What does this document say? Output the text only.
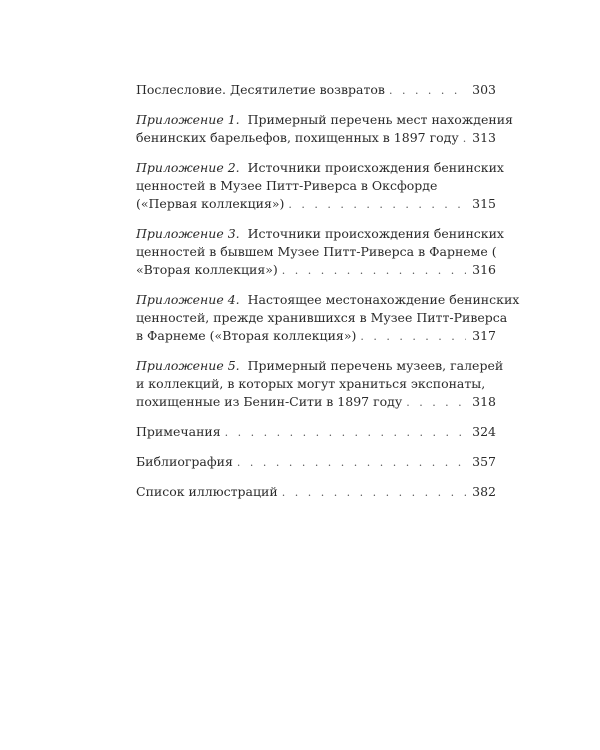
Послесловие. Десятилетие возвратов . . .	303
Приложение 1.  Примерный перечень мест нахождения
бенинских барельефов, похищенных в 1897 году . . . 313
Приложение 2.  Источники происхождения бенинских
ценностей в Музее Питт-Риверса в Оксфорде
(«Первая коллекция») . . .	315
Приложение 3.  Источники происхождения бенинских
ценностей в бывшем Музее Питт-Риверса в Фарнеме (
«Вторая коллекция») . . .	316
Приложение 4.  Настоящее местонахождение бенинских
ценностей, прежде хранившихся в Музее Питт-Риверса
в Фарнеме («Вторая коллекция») . . .	317
Приложение 5.  Примерный перечень музеев, галерей
и коллекций, в которых могут храниться экспонаты,
похищенные из Бенин-Сити в 1897 году . . .	318
Примечания . . .	324
Библиография . . .	357
Список иллюстраций . . .	382
